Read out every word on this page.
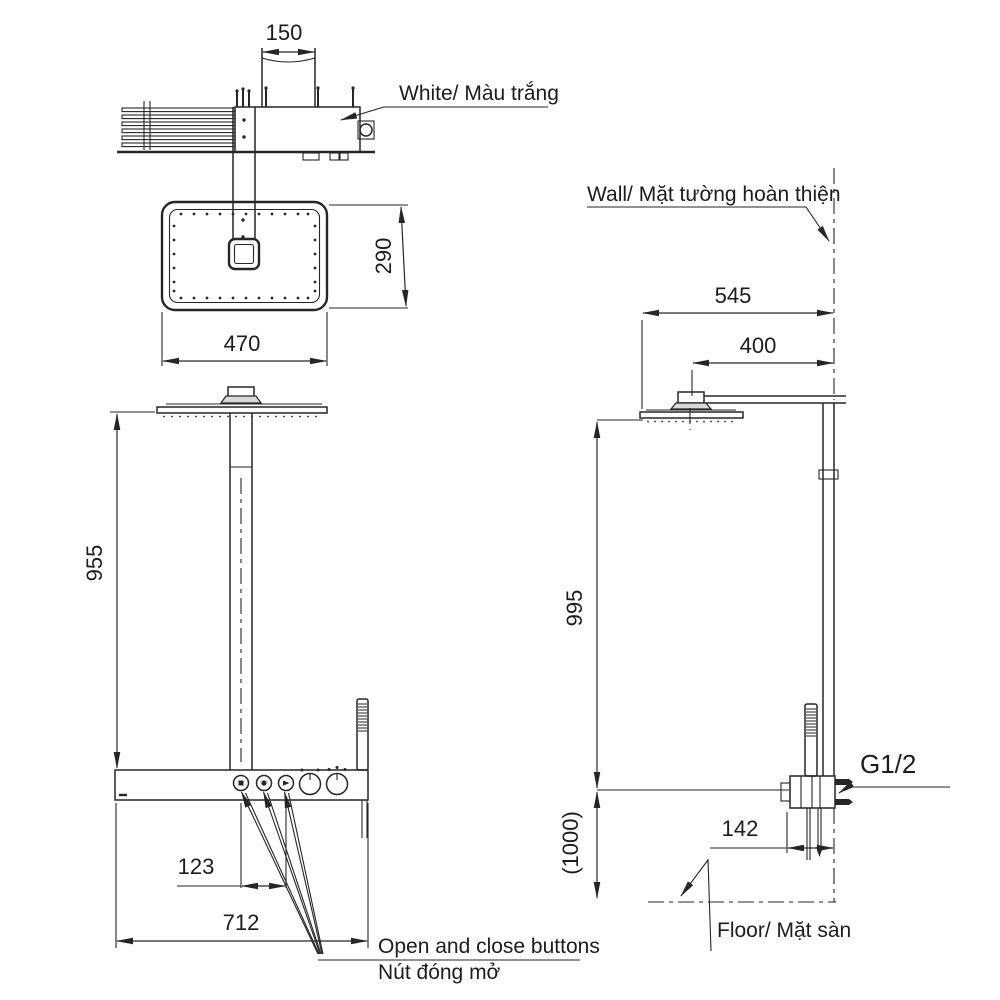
150
White/ Màu trắng
470
290
955
123
712
Open and close buttons
Nút đóng mở
Wall/ Mặt tường hoàn thiện
545
400
995
(1000)	142
G1/2
Floor/ Mặt sàn
